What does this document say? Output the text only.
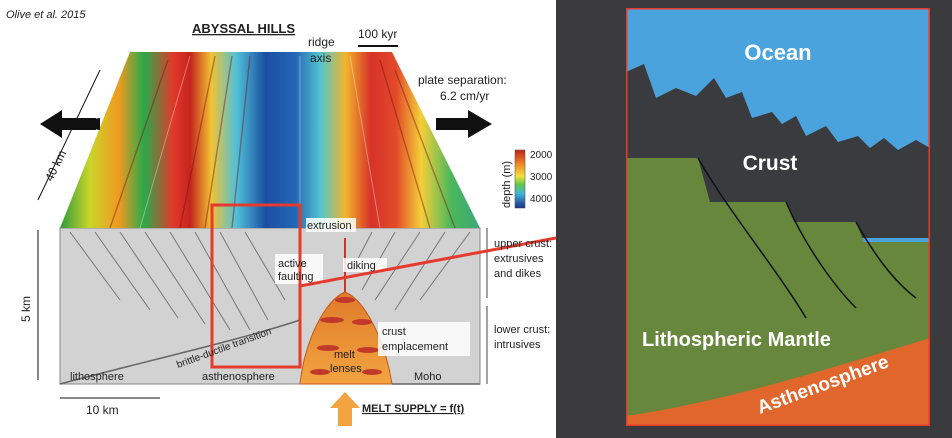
Olive et al. 2015
ABYSSAL HILLS
ridge
axis
100 kyr
plate separation:
6.2 cm/yr
40 km
5 km
10 km
depth (m)
2000
3000
4000
extrusion
active
faulting
diking
crust
emplacement
melt
lenses
brittle-ductile transition
lithosphere	asthenosphere	Moho
upper crust:
extrusives
and dikes
lower crust:
intrusives
MELT SUPPLY = f(t)
Ocean
Crust
Lithospheric Mantle
Asthenosphere
